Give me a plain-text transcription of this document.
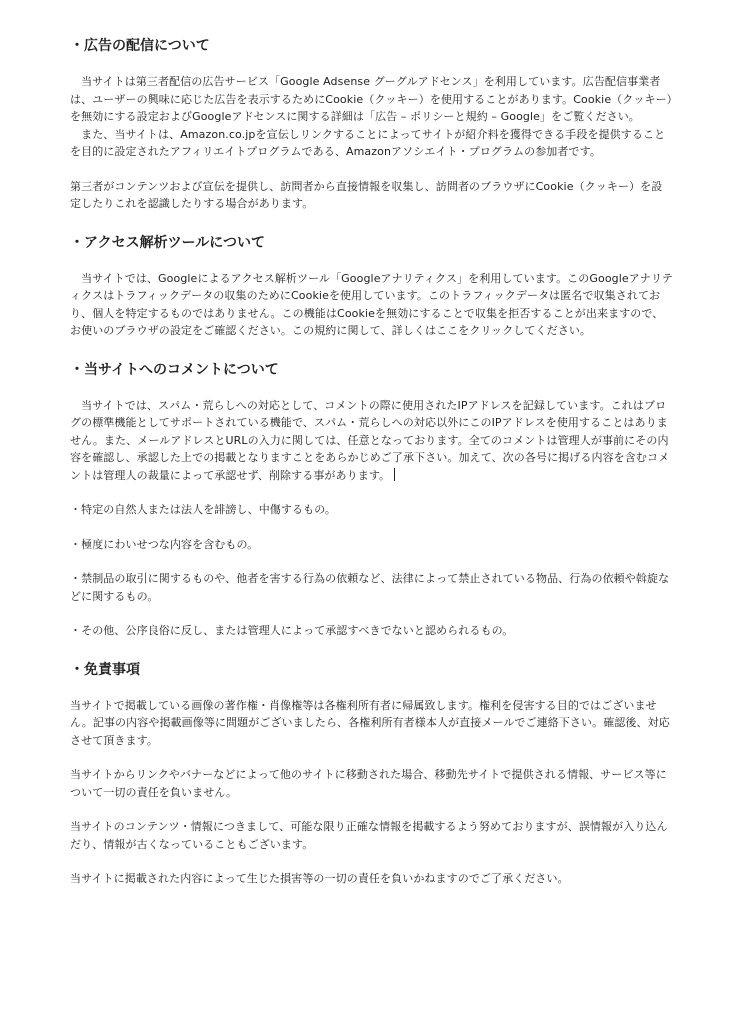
・広告の配信について

　当サイトは第三者配信の広告サービス「Google Adsense グーグルアドセンス」を利用しています。広告配信事業者は、ユーザーの興味に応じた広告を表示するためにCookie（クッキー）を使用することがあります。Cookie（クッキー）を無効にする設定およびGoogleアドセンスに関する詳細は「広告 – ポリシーと規約 – Google」をご覧ください。

　また、当サイトは、Amazon.co.jpを宣伝しリンクすることによってサイトが紹介料を獲得できる手段を提供することを目的に設定されたアフィリエイトプログラムである、Amazonアソシエイト・プログラムの参加者です。

第三者がコンテンツおよび宣伝を提供し、訪問者から直接情報を収集し、訪問者のブラウザにCookie（クッキー）を設定したりこれを認識したりする場合があります。

・アクセス解析ツールについて

　当サイトでは、Googleによるアクセス解析ツール「Googleアナリティクス」を利用しています。このGoogleアナリティクスはトラフィックデータの収集のためにCookieを使用しています。このトラフィックデータは匿名で収集されており、個人を特定するものではありません。この機能はCookieを無効にすることで収集を拒否することが出来ますので、お使いのブラウザの設定をご確認ください。この規約に関して、詳しくはここをクリックしてください。

・当サイトへのコメントについて

　当サイトでは、スパム・荒らしへの対応として、コメントの際に使用されたIPアドレスを記録しています。これはブログの標準機能としてサポートされている機能で、スパム・荒らしへの対応以外にこのIPアドレスを使用することはありません。また、メールアドレスとURLの入力に関しては、任意となっております。全てのコメントは管理人が事前にその内容を確認し、承認した上での掲載となりますことをあらかじめご了承下さい。加えて、次の各号に掲げる内容を含むコメントは管理人の裁量によって承認せず、削除する事があります。

・特定の自然人または法人を誹謗し、中傷するもの。

・極度にわいせつな内容を含むもの。

・禁制品の取引に関するものや、他者を害する行為の依頼など、法律によって禁止されている物品、行為の依頼や斡旋などに関するもの。

・その他、公序良俗に反し、または管理人によって承認すべきでないと認められるもの。

・免責事項

当サイトで掲載している画像の著作権・肖像権等は各権利所有者に帰属致します。権利を侵害する目的ではございません。記事の内容や掲載画像等に問題がございましたら、各権利所有者様本人が直接メールでご連絡下さい。確認後、対応させて頂きます。

当サイトからリンクやバナーなどによって他のサイトに移動された場合、移動先サイトで提供される情報、サービス等について一切の責任を負いません。

当サイトのコンテンツ・情報につきまして、可能な限り正確な情報を掲載するよう努めておりますが、誤情報が入り込んだり、情報が古くなっていることもございます。

当サイトに掲載された内容によって生じた損害等の一切の責任を負いかねますのでご了承ください。
